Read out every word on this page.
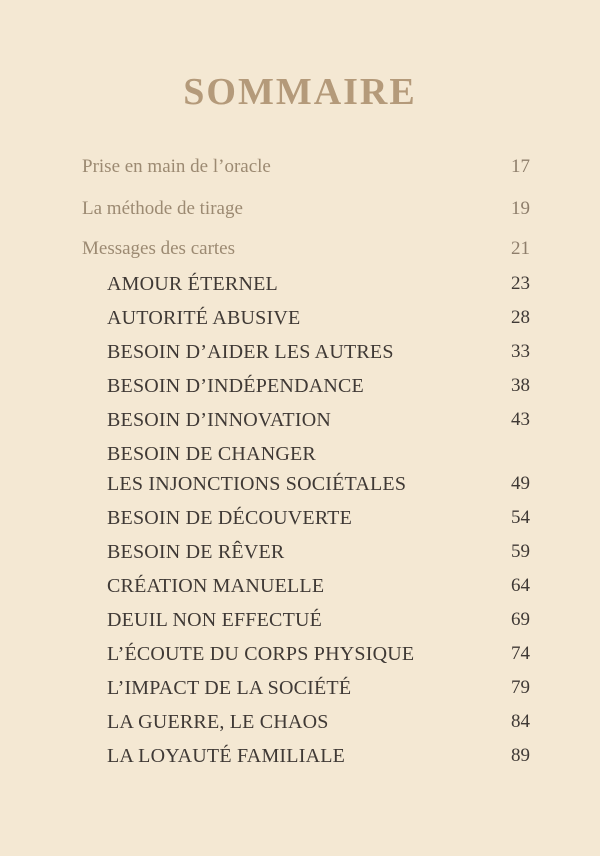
SOMMAIRE
Prise en main de l’oracle	17
La méthode de tirage	19
Messages des cartes	21
AMOUR ÉTERNEL	23
AUTORITÉ ABUSIVE	28
BESOIN D’AIDER LES AUTRES	33
BESOIN D’INDÉPENDANCE	38
BESOIN D’INNOVATION	43
BESOIN DE CHANGER
LES INJONCTIONS SOCIÉTALES	49
BESOIN DE DÉCOUVERTE	54
BESOIN DE RÊVER	59
CRÉATION MANUELLE	64
DEUIL NON EFFECTUÉ	69
L’ÉCOUTE DU CORPS PHYSIQUE	74
L’IMPACT DE LA SOCIÉTÉ	79
LA GUERRE, LE CHAOS	84
LA LOYAUTÉ FAMILIALE	89
